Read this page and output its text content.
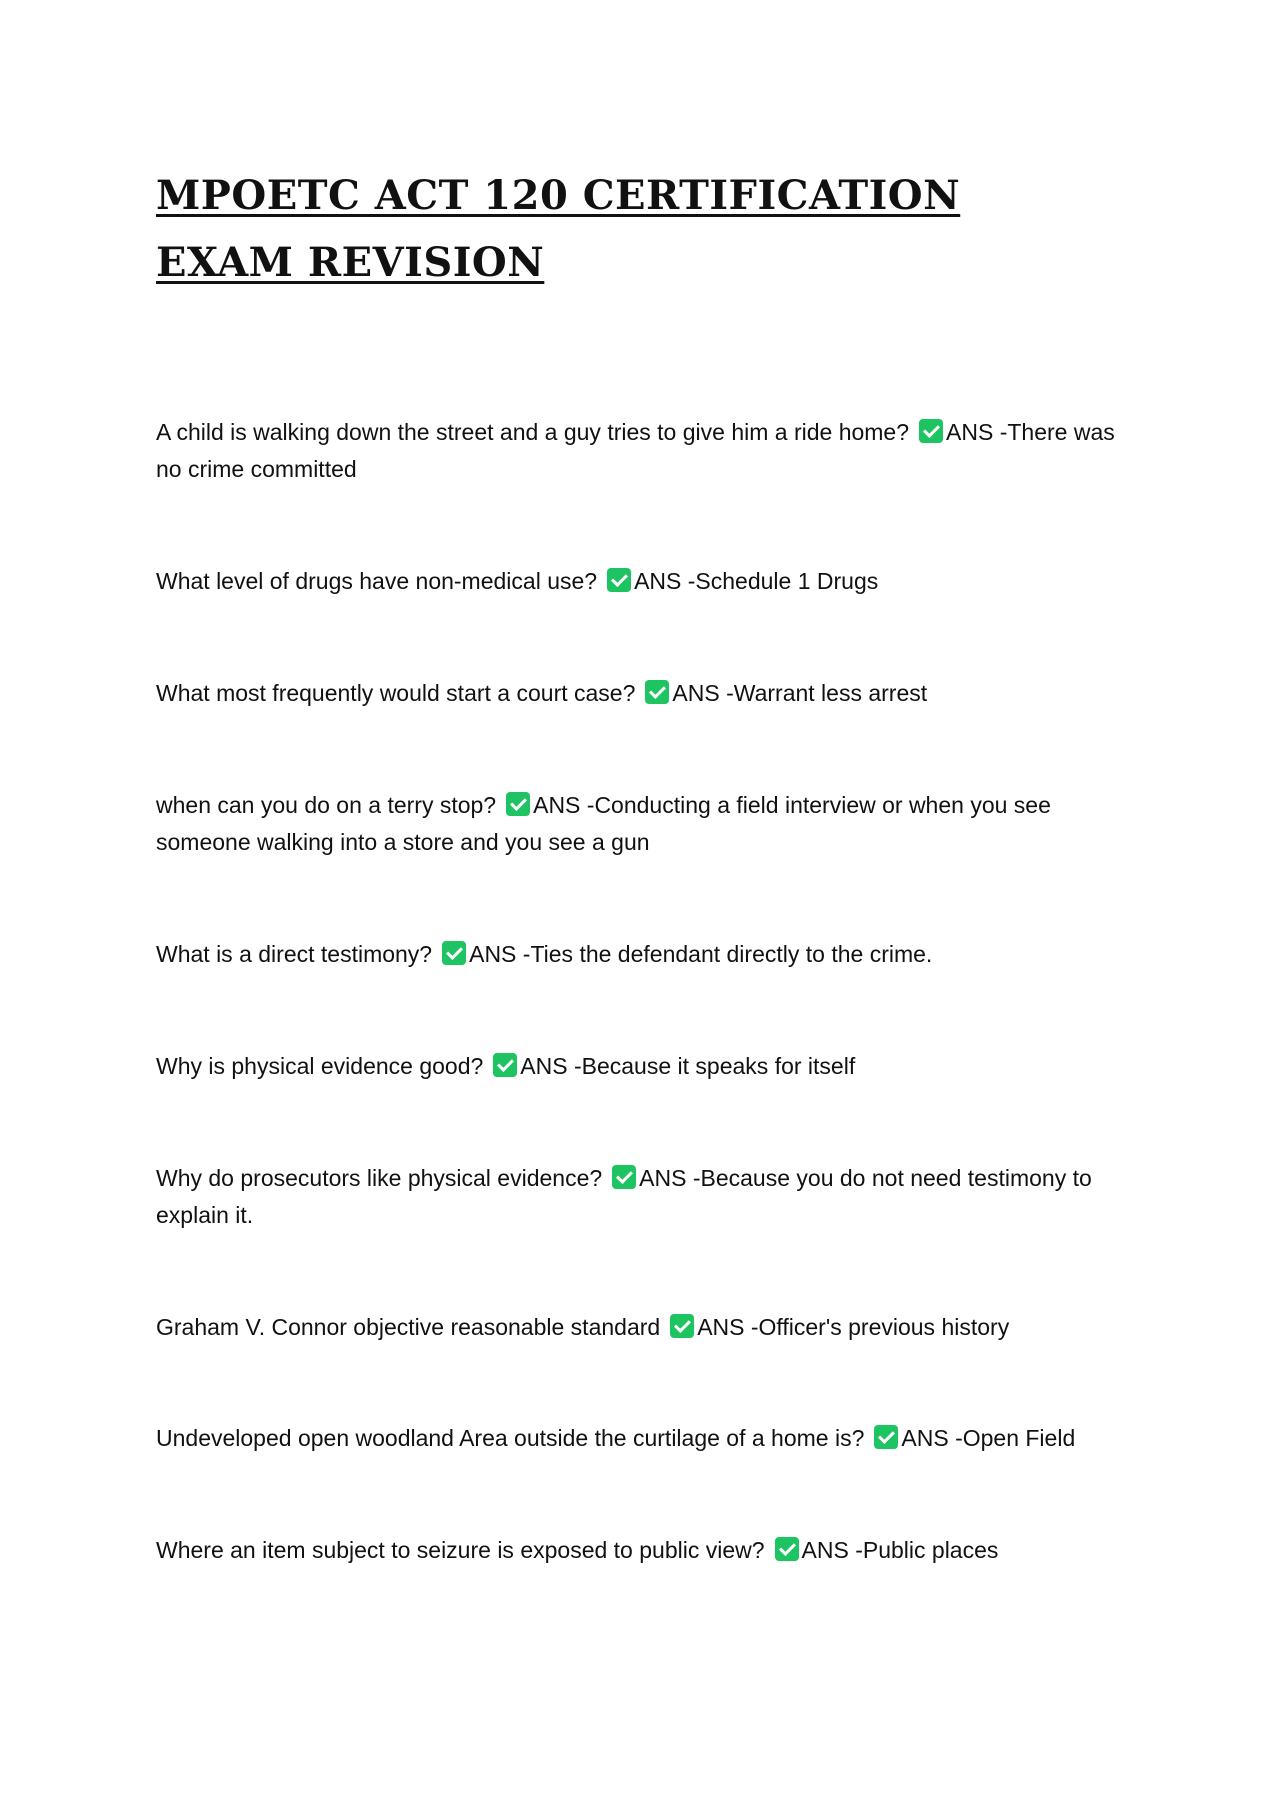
MPOETC ACT 120 CERTIFICATION EXAM REVISION
A child is walking down the street and a guy tries to give him a ride home? ANS -There was no crime committed
What level of drugs have non-medical use? ANS -Schedule 1 Drugs
What most frequently would start a court case? ANS -Warrant less arrest
when can you do on a terry stop? ANS -Conducting a field interview or when you see someone walking into a store and you see a gun
What is a direct testimony? ANS -Ties the defendant directly to the crime.
Why is physical evidence good? ANS -Because it speaks for itself
Why do prosecutors like physical evidence? ANS -Because you do not need testimony to explain it.
Graham V. Connor objective reasonable standard ANS -Officer's previous history
Undeveloped open woodland Area outside the curtilage of a home is? ANS -Open Field
Where an item subject to seizure is exposed to public view? ANS -Public places
